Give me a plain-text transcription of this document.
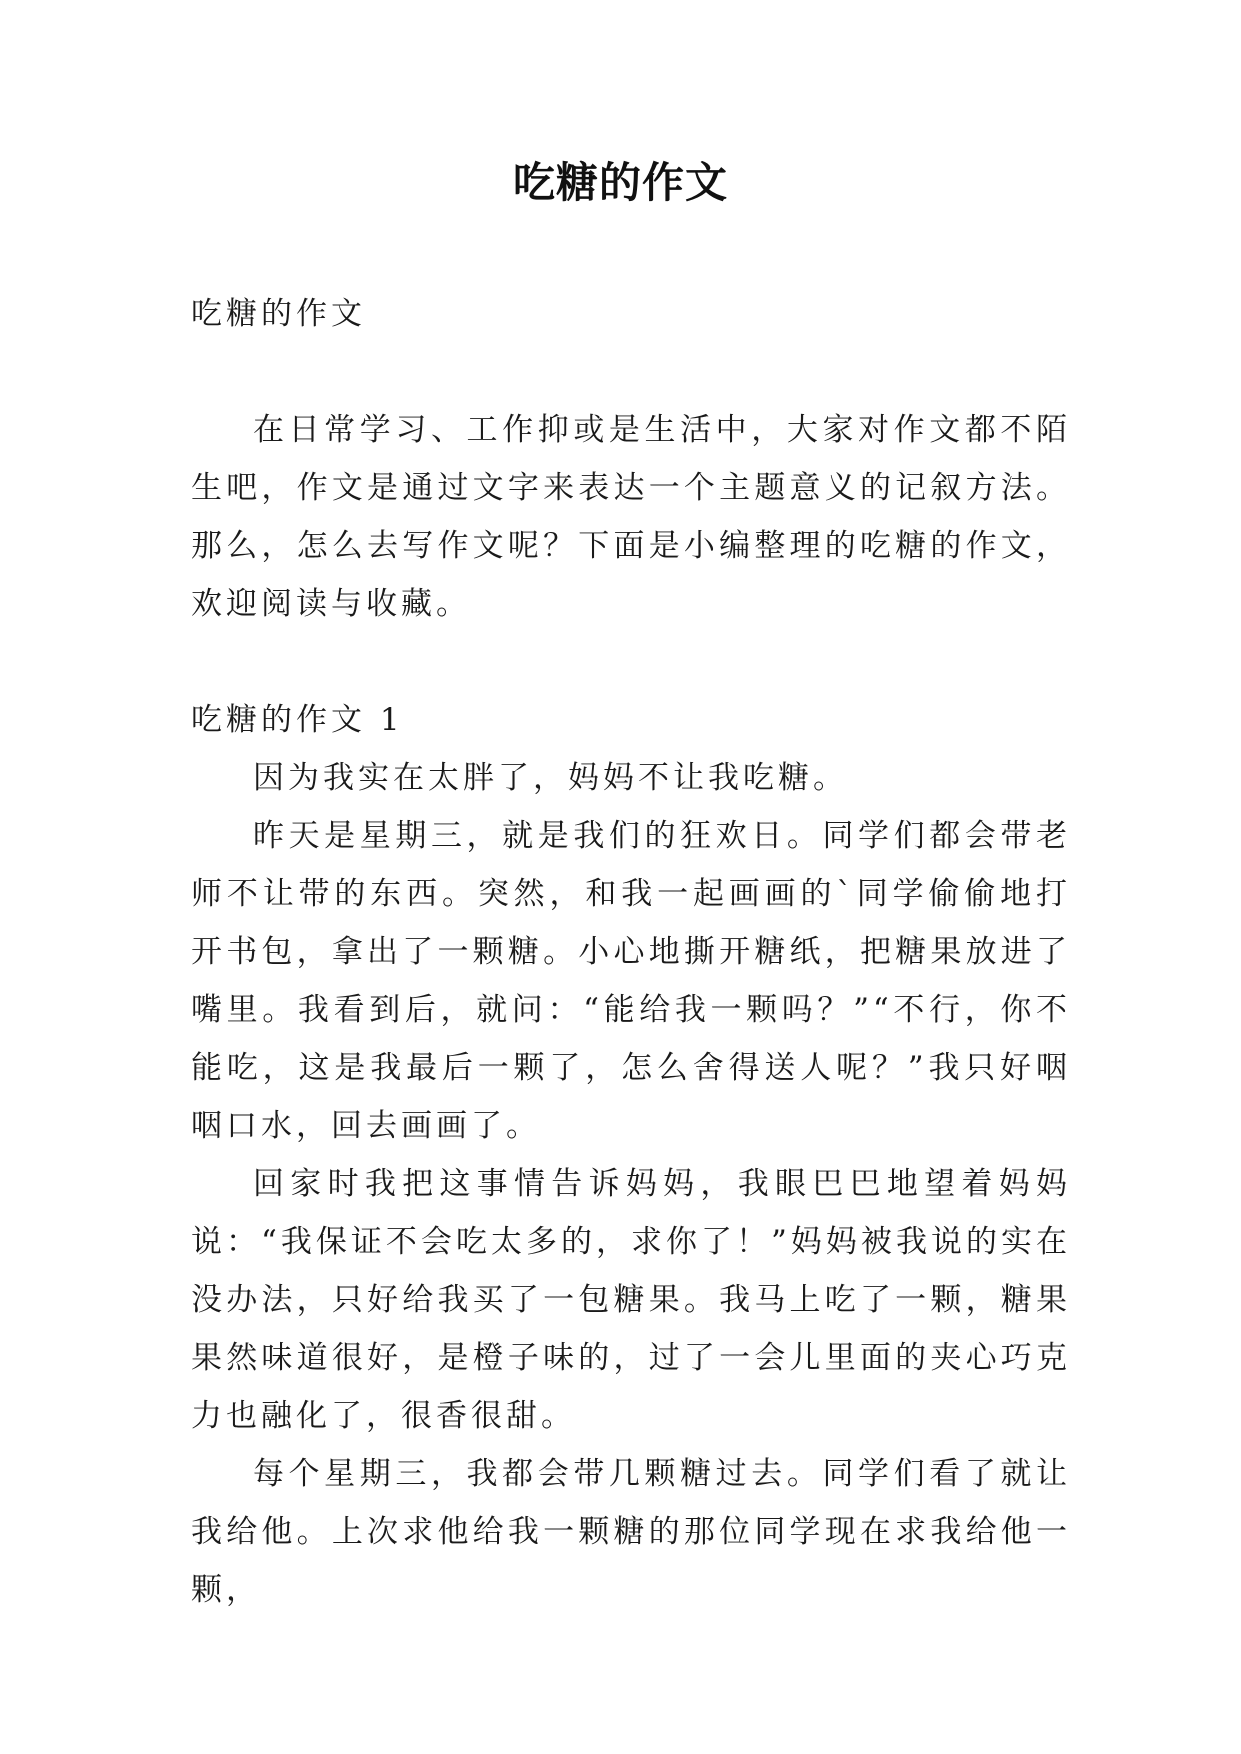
吃糖的作文

吃糖的作文

在日常学习、工作抑或是生活中，大家对作文都不陌生吧，作文是通过文字来表达一个主题意义的记叙方法。那么，怎么去写作文呢？下面是小编整理的吃糖的作文，欢迎阅读与收藏。

吃糖的作文 1

因为我实在太胖了，妈妈不让我吃糖。

昨天是星期三，就是我们的狂欢日。同学们都会带老师不让带的东西。突然，和我一起画画的`同学偷偷地打开书包，拿出了一颗糖。小心地撕开糖纸，把糖果放进了嘴里。我看到后，就问：“能给我一颗吗？”“不行，你不能吃，这是我最后一颗了，怎么舍得送人呢？”我只好咽咽口水，回去画画了。

回家时我把这事情告诉妈妈，我眼巴巴地望着妈妈说：“我保证不会吃太多的，求你了！”妈妈被我说的实在没办法，只好给我买了一包糖果。我马上吃了一颗，糖果果然味道很好，是橙子味的，过了一会儿里面的夹心巧克力也融化了，很香很甜。

每个星期三，我都会带几颗糖过去。同学们看了就让我给他。上次求他给我一颗糖的那位同学现在求我给他一颗，
